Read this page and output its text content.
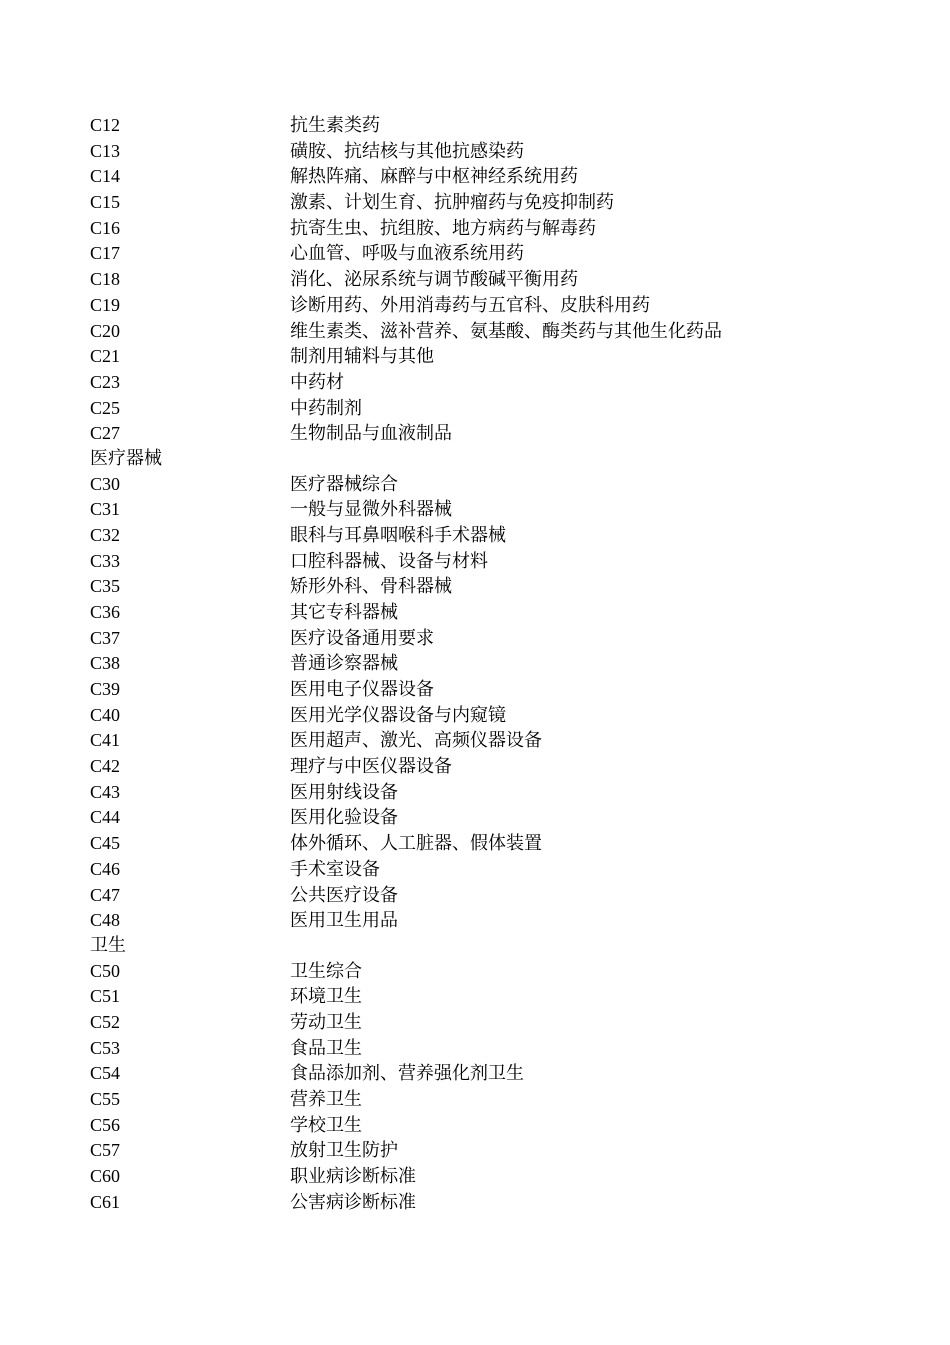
C12	抗生素类药
C13	磺胺、抗结核与其他抗感染药
C14	解热阵痛、麻醉与中枢神经系统用药
C15	激素、计划生育、抗肿瘤药与免疫抑制药
C16	抗寄生虫、抗组胺、地方病药与解毒药
C17	心血管、呼吸与血液系统用药
C18	消化、泌尿系统与调节酸碱平衡用药
C19	诊断用药、外用消毒药与五官科、皮肤科用药
C20	维生素类、滋补营养、氨基酸、酶类药与其他生化药品
C21	制剂用辅料与其他
C23	中药材
C25	中药制剂
C27	生物制品与血液制品
医疗器械
C30	医疗器械综合
C31	一般与显微外科器械
C32	眼科与耳鼻咽喉科手术器械
C33	口腔科器械、设备与材料
C35	矫形外科、骨科器械
C36	其它专科器械
C37	医疗设备通用要求
C38	普通诊察器械
C39	医用电子仪器设备
C40	医用光学仪器设备与内窥镜
C41	医用超声、激光、高频仪器设备
C42	理疗与中医仪器设备
C43	医用射线设备
C44	医用化验设备
C45	体外循环、人工脏器、假体装置
C46	手术室设备
C47	公共医疗设备
C48	医用卫生用品
卫生
C50	卫生综合
C51	环境卫生
C52	劳动卫生
C53	食品卫生
C54	食品添加剂、营养强化剂卫生
C55	营养卫生
C56	学校卫生
C57	放射卫生防护
C60	职业病诊断标准
C61	公害病诊断标准
